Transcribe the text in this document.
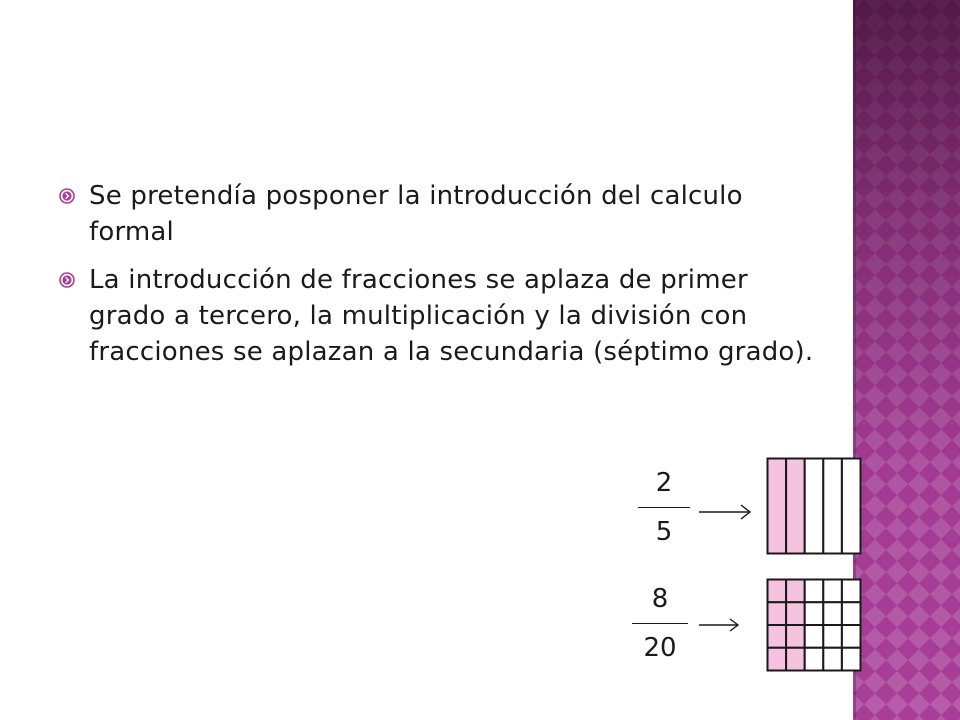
Se pretendía posponer la introducción del calculo formal
La introducción de fracciones se aplaza de primer grado a tercero, la multiplicación y la división con fracciones se aplazan a la secundaria (séptimo grado).
2
5
8
20
